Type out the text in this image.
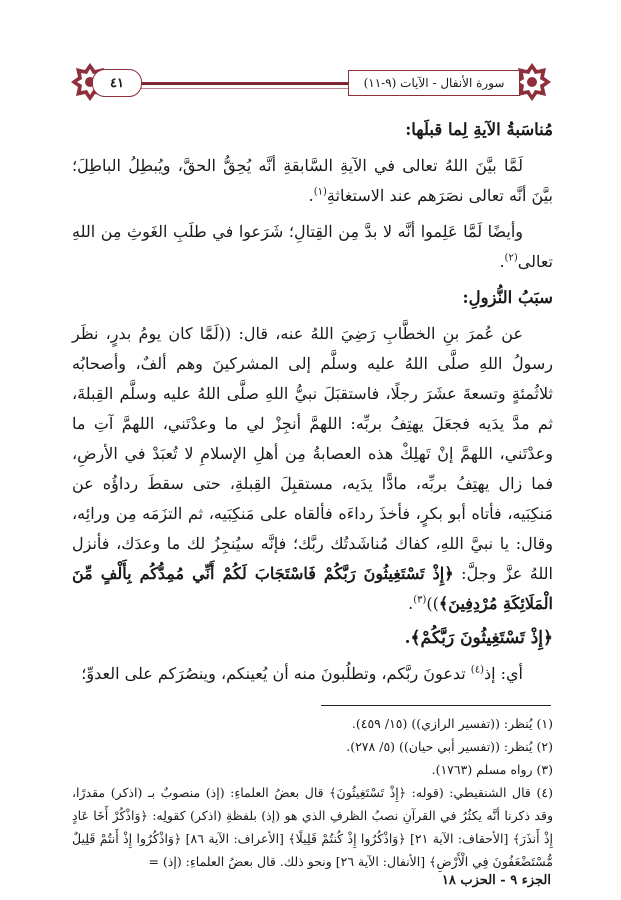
٤١	سورة الأنفال - الآيات (٩-١١)

مُناسَبةُ الآيةِ لِما قبلَها:

لَمَّا بيَّنَ اللهُ تعالى في الآيةِ السَّابقةِ أنَّه يُحِقُّ الحقَّ، ويُبطِلُ الباطِلَ؛ بيَّنَ أنَّه تعالى نصَرَهم عند الاستغاثةِ$^{(١)}$.

وأيضًا لَمَّا عَلِموا أنَّه لا بدَّ مِن القِتالِ؛ شَرَعوا في طلَبِ الغَوثِ مِن اللهِ تعالى$^{(٢)}$.

سبَبُ النُّزولِ:

عن عُمرَ بنِ الخطَّابِ رَضِيَ اللهُ عنه، قال: ((لَمَّا كان يومُ بدرٍ، نظَر رسولُ اللهِ صلَّى اللهُ عليه وسلَّم إلى المشركينَ وهم ألفٌ، وأصحابُه ثلاثُمئةٍ وتسعةَ عشَرَ رجلًا، فاستقبَلَ نبيُّ اللهِ صلَّى اللهُ عليه وسلَّم القِبلةَ، ثم مدَّ يدَيه فجعَلَ يهتِفُ بربِّه: اللهمَّ أنجِزْ لي ما وعدْتَني، اللهمَّ آتِ ما وعدْتَني، اللهمَّ إنْ تَهلِكْ هذه العصابةُ مِن أهلِ الإسلامِ لا تُعبَدْ في الأرضِ، فما زال يهتِفُ بربِّه، مادًّا يدَيه، مستقبِلَ القِبلةِ، حتى سقطَ رداؤُه عن مَنكِبَيه، فأتاه أبو بكرٍ، فأخذَ رداءَه فألقاه على مَنكِبَيه، ثم التزَمَه مِن ورائِه، وقال: يا نبيَّ اللهِ، كفاك مُناشَدتُك ربَّك؛ فإنَّه سيُنجِزُ لك ما وعدَك، فأنزل اللهُ عزَّ وجلَّ: ﴿إِذْ تَسْتَغِيثُونَ رَبَّكُمْ فَاسْتَجَابَ لَكُمْ أَنِّي مُمِدُّكُم بِأَلْفٍ مِّنَ الْمَلَائِكَةِ مُرْدِفِينَ﴾))$^{(٣)}$.

﴿إِذْ تَسْتَغِيثُونَ رَبَّكُمْ﴾.

أي: إذ$^{(٤)}$ تدعونَ ربَّكم، وتطلُبونَ منه أن يُعينكم، وينصُرَكم على العدوِّ؛

(١) يُنظر: ((تفسير الرازي)) (١٥/ ٤٥٩).

(٢) يُنظر: ((تفسير أبي حيان)) (٥/ ٢٧٨).

(٣) رواه مسلم (١٧٦٣).

(٤) قال الشنقيطي: (قوله: ﴿إِذْ تَسْتَغِيثُونَ﴾ قال بعضُ العلماءِ: (إذ) منصوبٌ بـ (اذكر) مقدرًا، وقد ذكرنا أنَّه يكثُرُ في القرآنِ نصبُ الظرفِ الذي هو (إذ) بلفظةِ (اذكر) كقولِه: ﴿وَاذْكُرْ أَخَا عَادٍ إِذْ أَنذَرَ﴾ [الأحقاف: الآية ٢١] ﴿وَاذْكُرُوا إِذْ كُنتُمْ قَلِيلًا﴾ [الأعراف: الآية ٨٦] ﴿وَاذْكُرُوا إِذْ أَنتُمْ قَلِيلٌ مُّسْتَضْعَفُونَ فِي الْأَرْضِ﴾ [الأنفال: الآية ٢٦] ونحو ذلك. قال بعضُ العلماءِ: (إذ) =

الجزء ٩ - الحزب ١٨
